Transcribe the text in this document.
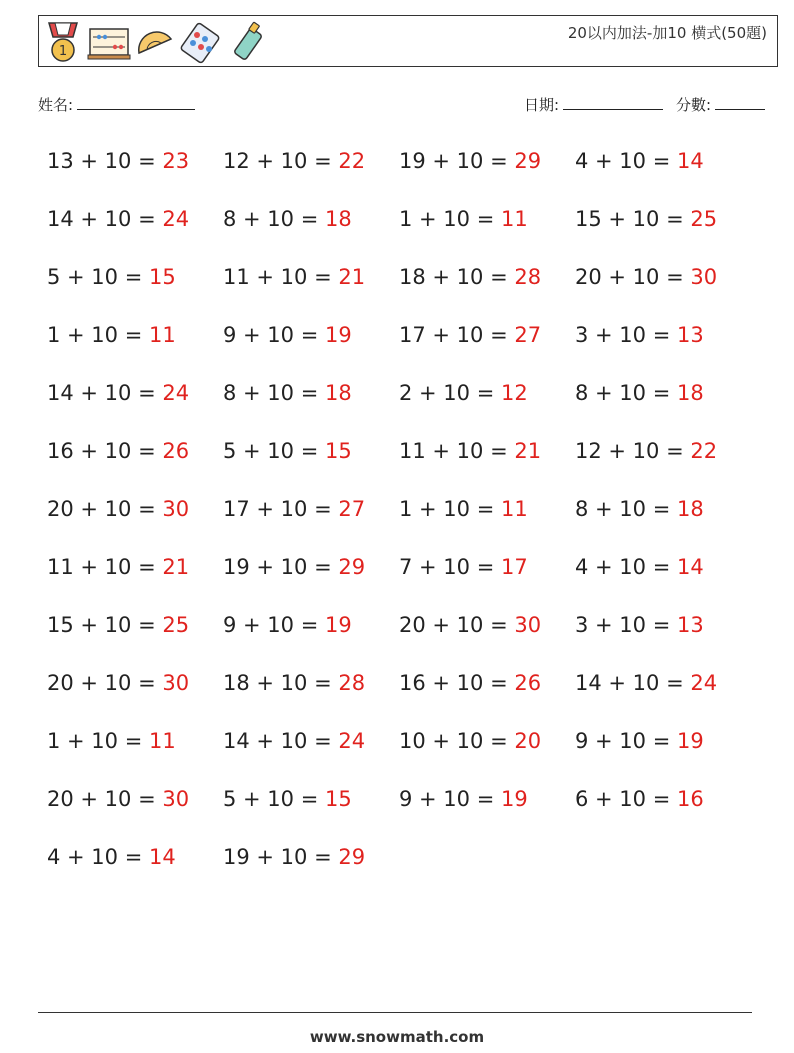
1
20以内加法-加10 横式(50題)
姓名:	日期:	分數:
13 + 10 = 23	12 + 10 = 22	19 + 10 = 29	4 + 10 = 14
14 + 10 = 24	8 + 10 = 18	1 + 10 = 11	15 + 10 = 25
5 + 10 = 15	11 + 10 = 21	18 + 10 = 28	20 + 10 = 30
1 + 10 = 11	9 + 10 = 19	17 + 10 = 27	3 + 10 = 13
14 + 10 = 24	8 + 10 = 18	2 + 10 = 12	8 + 10 = 18
16 + 10 = 26	5 + 10 = 15	11 + 10 = 21	12 + 10 = 22
20 + 10 = 30	17 + 10 = 27	1 + 10 = 11	8 + 10 = 18
11 + 10 = 21	19 + 10 = 29	7 + 10 = 17	4 + 10 = 14
15 + 10 = 25	9 + 10 = 19	20 + 10 = 30	3 + 10 = 13
20 + 10 = 30	18 + 10 = 28	16 + 10 = 26	14 + 10 = 24
1 + 10 = 11	14 + 10 = 24	10 + 10 = 20	9 + 10 = 19
20 + 10 = 30	5 + 10 = 15	9 + 10 = 19	6 + 10 = 16
4 + 10 = 14	19 + 10 = 29
www.snowmath.com
